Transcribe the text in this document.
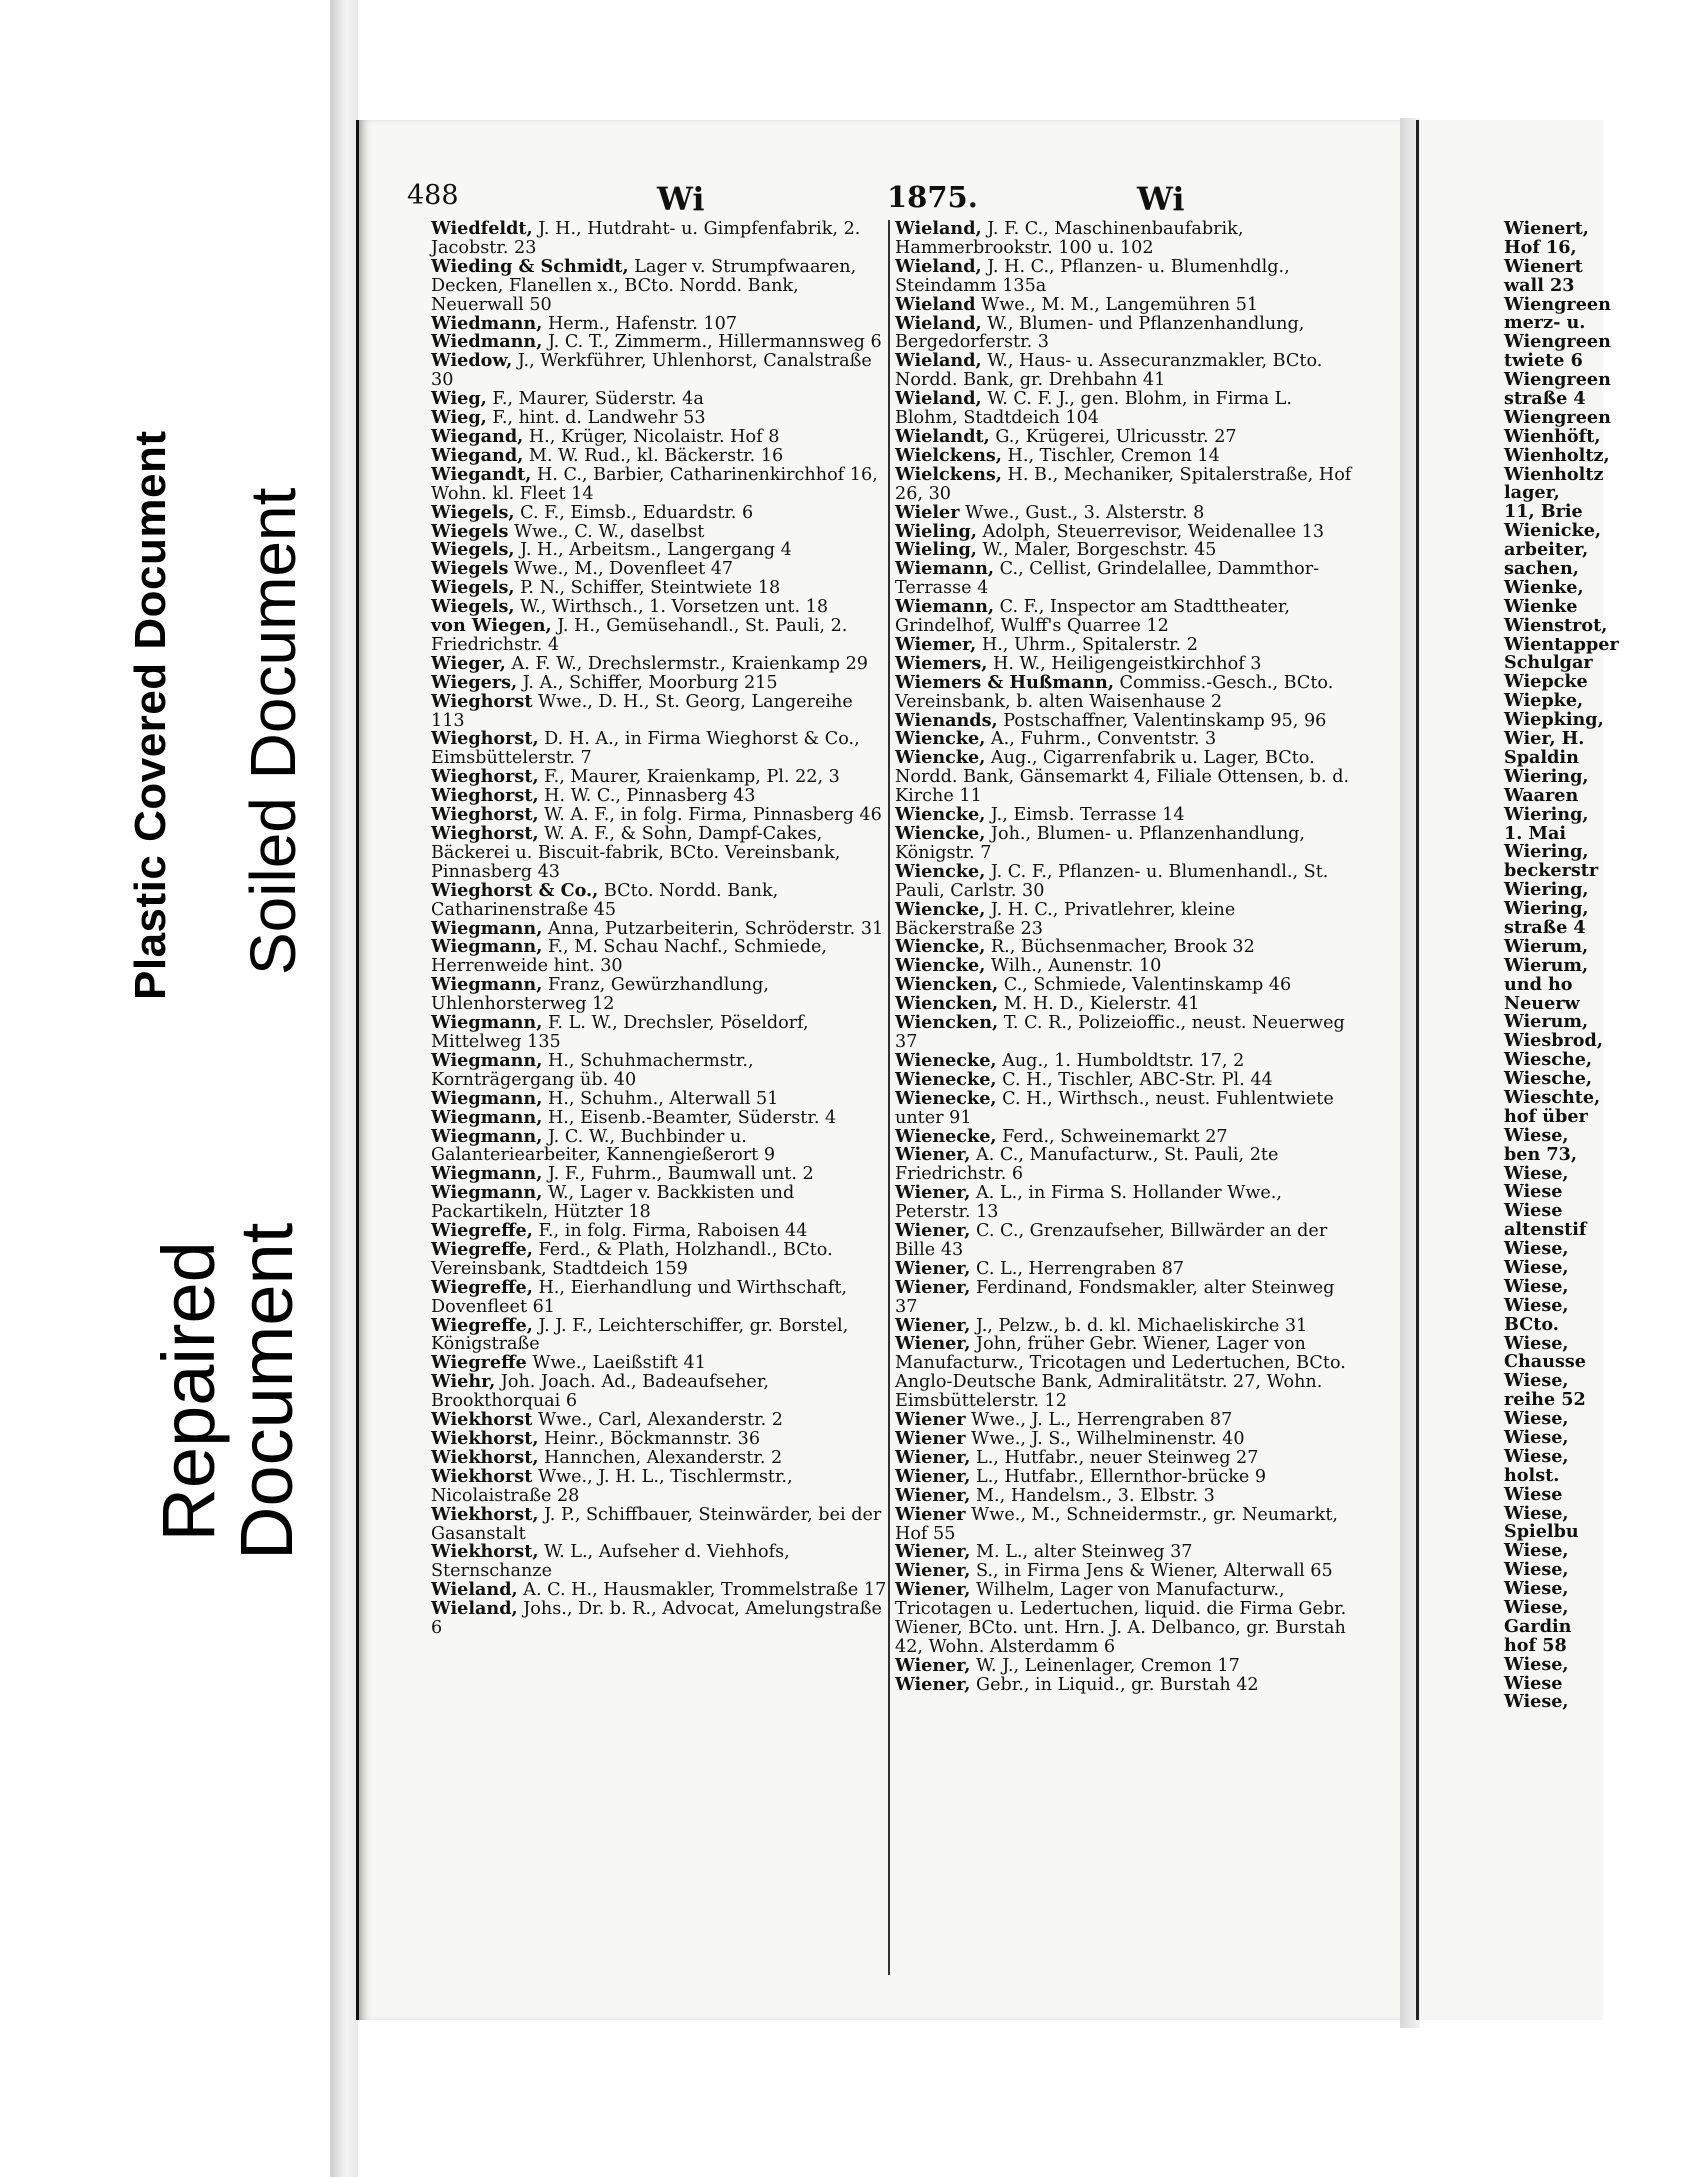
Plastic Covered Document Soiled Document
Repaired
Document
488	Wi	1875.	Wi
Wiedfeldt, J. H., Hutdraht- u. Gimpfenfabrik, 2. Jacobstr. 23
Wieding & Schmidt, Lager v. Strumpfwaaren, Decken, Flanellen x., BCto. Nordd. Bank, Neuerwall 50
Wiedmann, Herm., Hafenstr. 107
Wiedmann, J. C. T., Zimmerm., Hillermannsweg 6
Wiedow, J., Werkführer, Uhlenhorst, Canalstraße 30
Wieg, F., Maurer, Süderstr. 4a
Wieg, F., hint. d. Landwehr 53
Wiegand, H., Krüger, Nicolaistr. Hof 8
Wiegand, M. W. Rud., kl. Bäckerstr. 16
Wiegandt, H. C., Barbier, Catharinenkirchhof 16, Wohn. kl. Fleet 14
Wiegels, C. F., Eimsb., Eduardstr. 6
Wiegels Wwe., C. W., daselbst
Wiegels, J. H., Arbeitsm., Langergang 4
Wiegels Wwe., M., Dovenfleet 47
Wiegels, P. N., Schiffer, Steintwiete 18
Wiegels, W., Wirthsch., 1. Vorsetzen unt. 18
von Wiegen, J. H., Gemüsehandl., St. Pauli, 2. Friedrichstr. 4
Wieger, A. F. W., Drechslermstr., Kraienkamp 29
Wiegers, J. A., Schiffer, Moorburg 215
Wieghorst Wwe., D. H., St. Georg, Langereihe 113
Wieghorst, D. H. A., in Firma Wieghorst & Co., Eimsbüttelerstr. 7
Wieghorst, F., Maurer, Kraienkamp, Pl. 22, 3
Wieghorst, H. W. C., Pinnasberg 43
Wieghorst, W. A. F., in folg. Firma, Pinnasberg 46
Wieghorst, W. A. F., & Sohn, Dampf-Cakes, Bäckerei u. Biscuit-fabrik, BCto. Vereinsbank, Pinnasberg 43
Wieghorst & Co., BCto. Nordd. Bank, Catharinenstraße 45
Wiegmann, Anna, Putzarbeiterin, Schröderstr. 31
Wiegmann, F., M. Schau Nachf., Schmiede, Herrenweide hint. 30
Wiegmann, Franz, Gewürzhandlung, Uhlenhorsterweg 12
Wiegmann, F. L. W., Drechsler, Pöseldorf, Mittelweg 135
Wiegmann, H., Schuhmachermstr., Kornträgergang üb. 40
Wiegmann, H., Schuhm., Alterwall 51
Wiegmann, H., Eisenb.-Beamter, Süderstr. 4
Wiegmann, J. C. W., Buchbinder u. Galanteriearbeiter, Kannengießerort 9
Wiegmann, J. F., Fuhrm., Baumwall unt. 2
Wiegmann, W., Lager v. Backkisten und Packartikeln, Hützter 18
Wiegreffe, F., in folg. Firma, Raboisen 44
Wiegreffe, Ferd., & Plath, Holzhandl., BCto. Vereinsbank, Stadtdeich 159
Wiegreffe, H., Eierhandlung und Wirthschaft, Dovenfleet 61
Wiegreffe, J. J. F., Leichterschiffer, gr. Borstel, Königstraße
Wiegreffe Wwe., Laeißstift 41
Wiehr, Joh. Joach. Ad., Badeaufseher, Brookthorquai 6
Wiekhorst Wwe., Carl, Alexanderstr. 2
Wiekhorst, Heinr., Böckmannstr. 36
Wiekhorst, Hannchen, Alexanderstr. 2
Wiekhorst Wwe., J. H. L., Tischlermstr., Nicolaistraße 28
Wiekhorst, J. P., Schiffbauer, Steinwärder, bei der Gasanstalt
Wiekhorst, W. L., Aufseher d. Viehhofs, Sternschanze
Wieland, A. C. H., Hausmakler, Trommelstraße 17
Wieland, Johs., Dr. b. R., Advocat, Amelungstraße 6
Wieland, J. F. C., Maschinenbaufabrik, Hammerbrookstr. 100 u. 102
Wieland, J. H. C., Pflanzen- u. Blumenhdlg., Steindamm 135a
Wieland Wwe., M. M., Langemühren 51
Wieland, W., Blumen- und Pflanzenhandlung, Bergedorferstr. 3
Wieland, W., Haus- u. Assecuranzmakler, BCto. Nordd. Bank, gr. Drehbahn 41
Wieland, W. C. F. J., gen. Blohm, in Firma L. Blohm, Stadtdeich 104
Wielandt, G., Krügerei, Ulricusstr. 27
Wielckens, H., Tischler, Cremon 14
Wielckens, H. B., Mechaniker, Spitalerstraße, Hof 26, 30
Wieler Wwe., Gust., 3. Alsterstr. 8
Wieling, Adolph, Steuerrevisor, Weidenallee 13
Wieling, W., Maler, Borgeschstr. 45
Wiemann, C., Cellist, Grindelallee, Dammthor-Terrasse 4
Wiemann, C. F., Inspector am Stadttheater, Grindelhof, Wulff's Quarree 12
Wiemer, H., Uhrm., Spitalerstr. 2
Wiemers, H. W., Heiligengeistkirchhof 3
Wiemers & Hußmann, Commiss.-Gesch., BCto. Vereinsbank, b. alten Waisenhause 2
Wienands, Postschaffner, Valentinskamp 95, 96
Wiencke, A., Fuhrm., Conventstr. 3
Wiencke, Aug., Cigarrenfabrik u. Lager, BCto. Nordd. Bank, Gänsemarkt 4, Filiale Ottensen, b. d. Kirche 11
Wiencke, J., Eimsb. Terrasse 14
Wiencke, Joh., Blumen- u. Pflanzenhandlung, Königstr. 7
Wiencke, J. C. F., Pflanzen- u. Blumenhandl., St. Pauli, Carlstr. 30
Wiencke, J. H. C., Privatlehrer, kleine Bäckerstraße 23
Wiencke, R., Büchsenmacher, Brook 32
Wiencke, Wilh., Aunenstr. 10
Wiencken, C., Schmiede, Valentinskamp 46
Wiencken, M. H. D., Kielerstr. 41
Wiencken, T. C. R., Polizeioffic., neust. Neuerweg 37
Wienecke, Aug., 1. Humboldtstr. 17, 2
Wienecke, C. H., Tischler, ABC-Str. Pl. 44
Wienecke, C. H., Wirthsch., neust. Fuhlentwiete unter 91
Wienecke, Ferd., Schweinemarkt 27
Wiener, A. C., Manufacturw., St. Pauli, 2te Friedrichstr. 6
Wiener, A. L., in Firma S. Hollander Wwe., Peterstr. 13
Wiener, C. C., Grenzaufseher, Billwärder an der Bille 43
Wiener, C. L., Herrengraben 87
Wiener, Ferdinand, Fondsmakler, alter Steinweg 37
Wiener, J., Pelzw., b. d. kl. Michaeliskirche 31
Wiener, John, früher Gebr. Wiener, Lager von Manufacturw., Tricotagen und Ledertuchen, BCto. Anglo-Deutsche Bank, Admiralitätstr. 27, Wohn. Eimsbüttelerstr. 12
Wiener Wwe., J. L., Herrengraben 87
Wiener Wwe., J. S., Wilhelminenstr. 40
Wiener, L., Hutfabr., neuer Steinweg 27
Wiener, L., Hutfabr., Ellernthor-brücke 9
Wiener, M., Handelsm., 3. Elbstr. 3
Wiener Wwe., M., Schneidermstr., gr. Neumarkt, Hof 55
Wiener, M. L., alter Steinweg 37
Wiener, S., in Firma Jens & Wiener, Alterwall 65
Wiener, Wilhelm, Lager von Manufacturw., Tricotagen u. Ledertuchen, liquid. die Firma Gebr. Wiener, BCto. unt. Hrn. J. A. Delbanco, gr. Burstah 42, Wohn. Alsterdamm 6
Wiener, W. J., Leinenlager, Cremon 17
Wiener, Gebr., in Liquid., gr. Burstah 42
Wienert,
Hof 16,
Wienert
wall 23
Wiengreen
merz- u.
Wiengreen
twiete 6
Wiengreen
straße 4
Wiengreen
Wienhöft,
Wienholtz,
Wienholtz
lager,
11, Brie
Wienicke,
arbeiter,
sachen,
Wienke,
Wienke
Wienstrot,
Wientapper
Schulgar
Wiepcke
Wiepke,
Wiepking,
Wier, H.
Spaldin
Wiering,
Waaren
Wiering,
1. Mai
Wiering,
beckerstr
Wiering,
Wiering,
straße 4
Wierum,
Wierum,
und ho
Neuerw
Wierum,
Wiesbrod,
Wiesche,
Wiesche,
Wieschte,
hof über
Wiese,
ben 73,
Wiese,
Wiese
Wiese
altenstif
Wiese,
Wiese,
Wiese,
Wiese,
BCto.
Wiese,
Chausse
Wiese,
reihe 52
Wiese,
Wiese,
Wiese,
holst.
Wiese
Wiese,
Spielbu
Wiese,
Wiese,
Wiese,
Wiese,
Gardin
hof 58
Wiese,
Wiese
Wiese,
